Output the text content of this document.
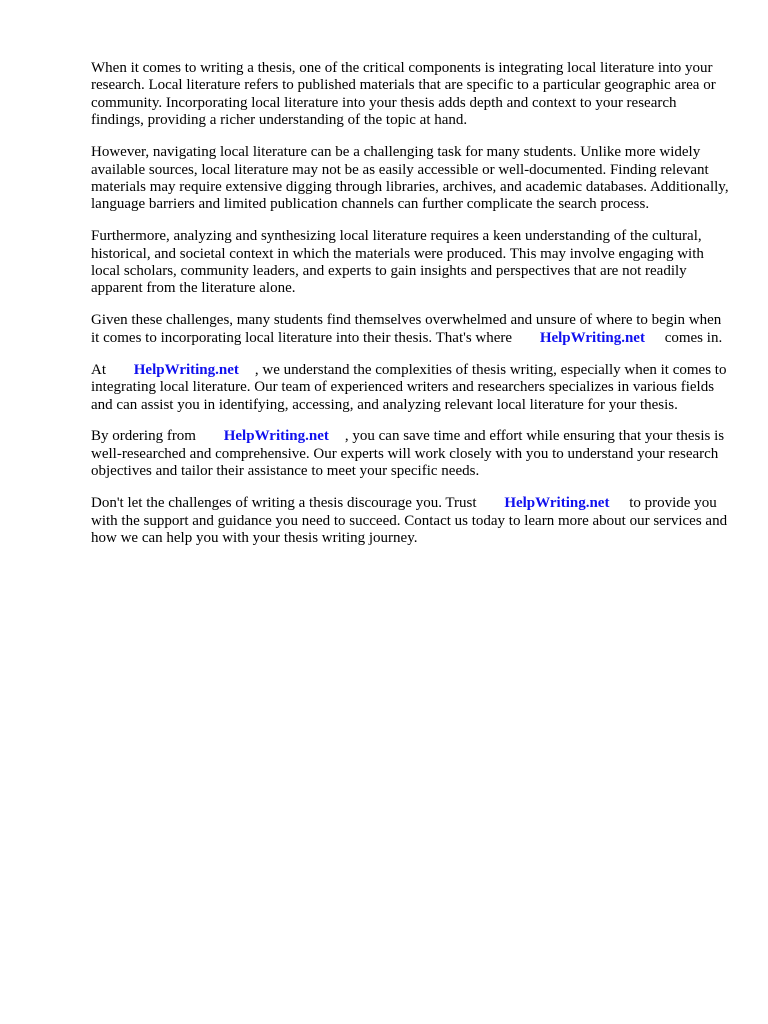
When it comes to writing a thesis, one of the critical components is integrating local literature into your research. Local literature refers to published materials that are specific to a particular geographic area or community. Incorporating local literature into your thesis adds depth and context to your research findings, providing a richer understanding of the topic at hand.

However, navigating local literature can be a challenging task for many students. Unlike more widely available sources, local literature may not be as easily accessible or well-documented. Finding relevant materials may require extensive digging through libraries, archives, and academic databases. Additionally, language barriers and limited publication channels can further complicate the search process.

Furthermore, analyzing and synthesizing local literature requires a keen understanding of the cultural, historical, and societal context in which the materials were produced. This may involve engaging with local scholars, community leaders, and experts to gain insights and perspectives that are not readily apparent from the literature alone.

Given these challenges, many students find themselves overwhelmed and unsure of where to begin when it comes to incorporating local literature into their thesis. That's where HelpWriting.net comes in.

At HelpWriting.net , we understand the complexities of thesis writing, especially when it comes to integrating local literature. Our team of experienced writers and researchers specializes in various fields and can assist you in identifying, accessing, and analyzing relevant local literature for your thesis.

By ordering from HelpWriting.net , you can save time and effort while ensuring that your thesis is well-researched and comprehensive. Our experts will work closely with you to understand your research objectives and tailor their assistance to meet your specific needs.

Don't let the challenges of writing a thesis discourage you. Trust HelpWriting.net to provide you with the support and guidance you need to succeed. Contact us today to learn more about our services and how we can help you with your thesis writing journey.
